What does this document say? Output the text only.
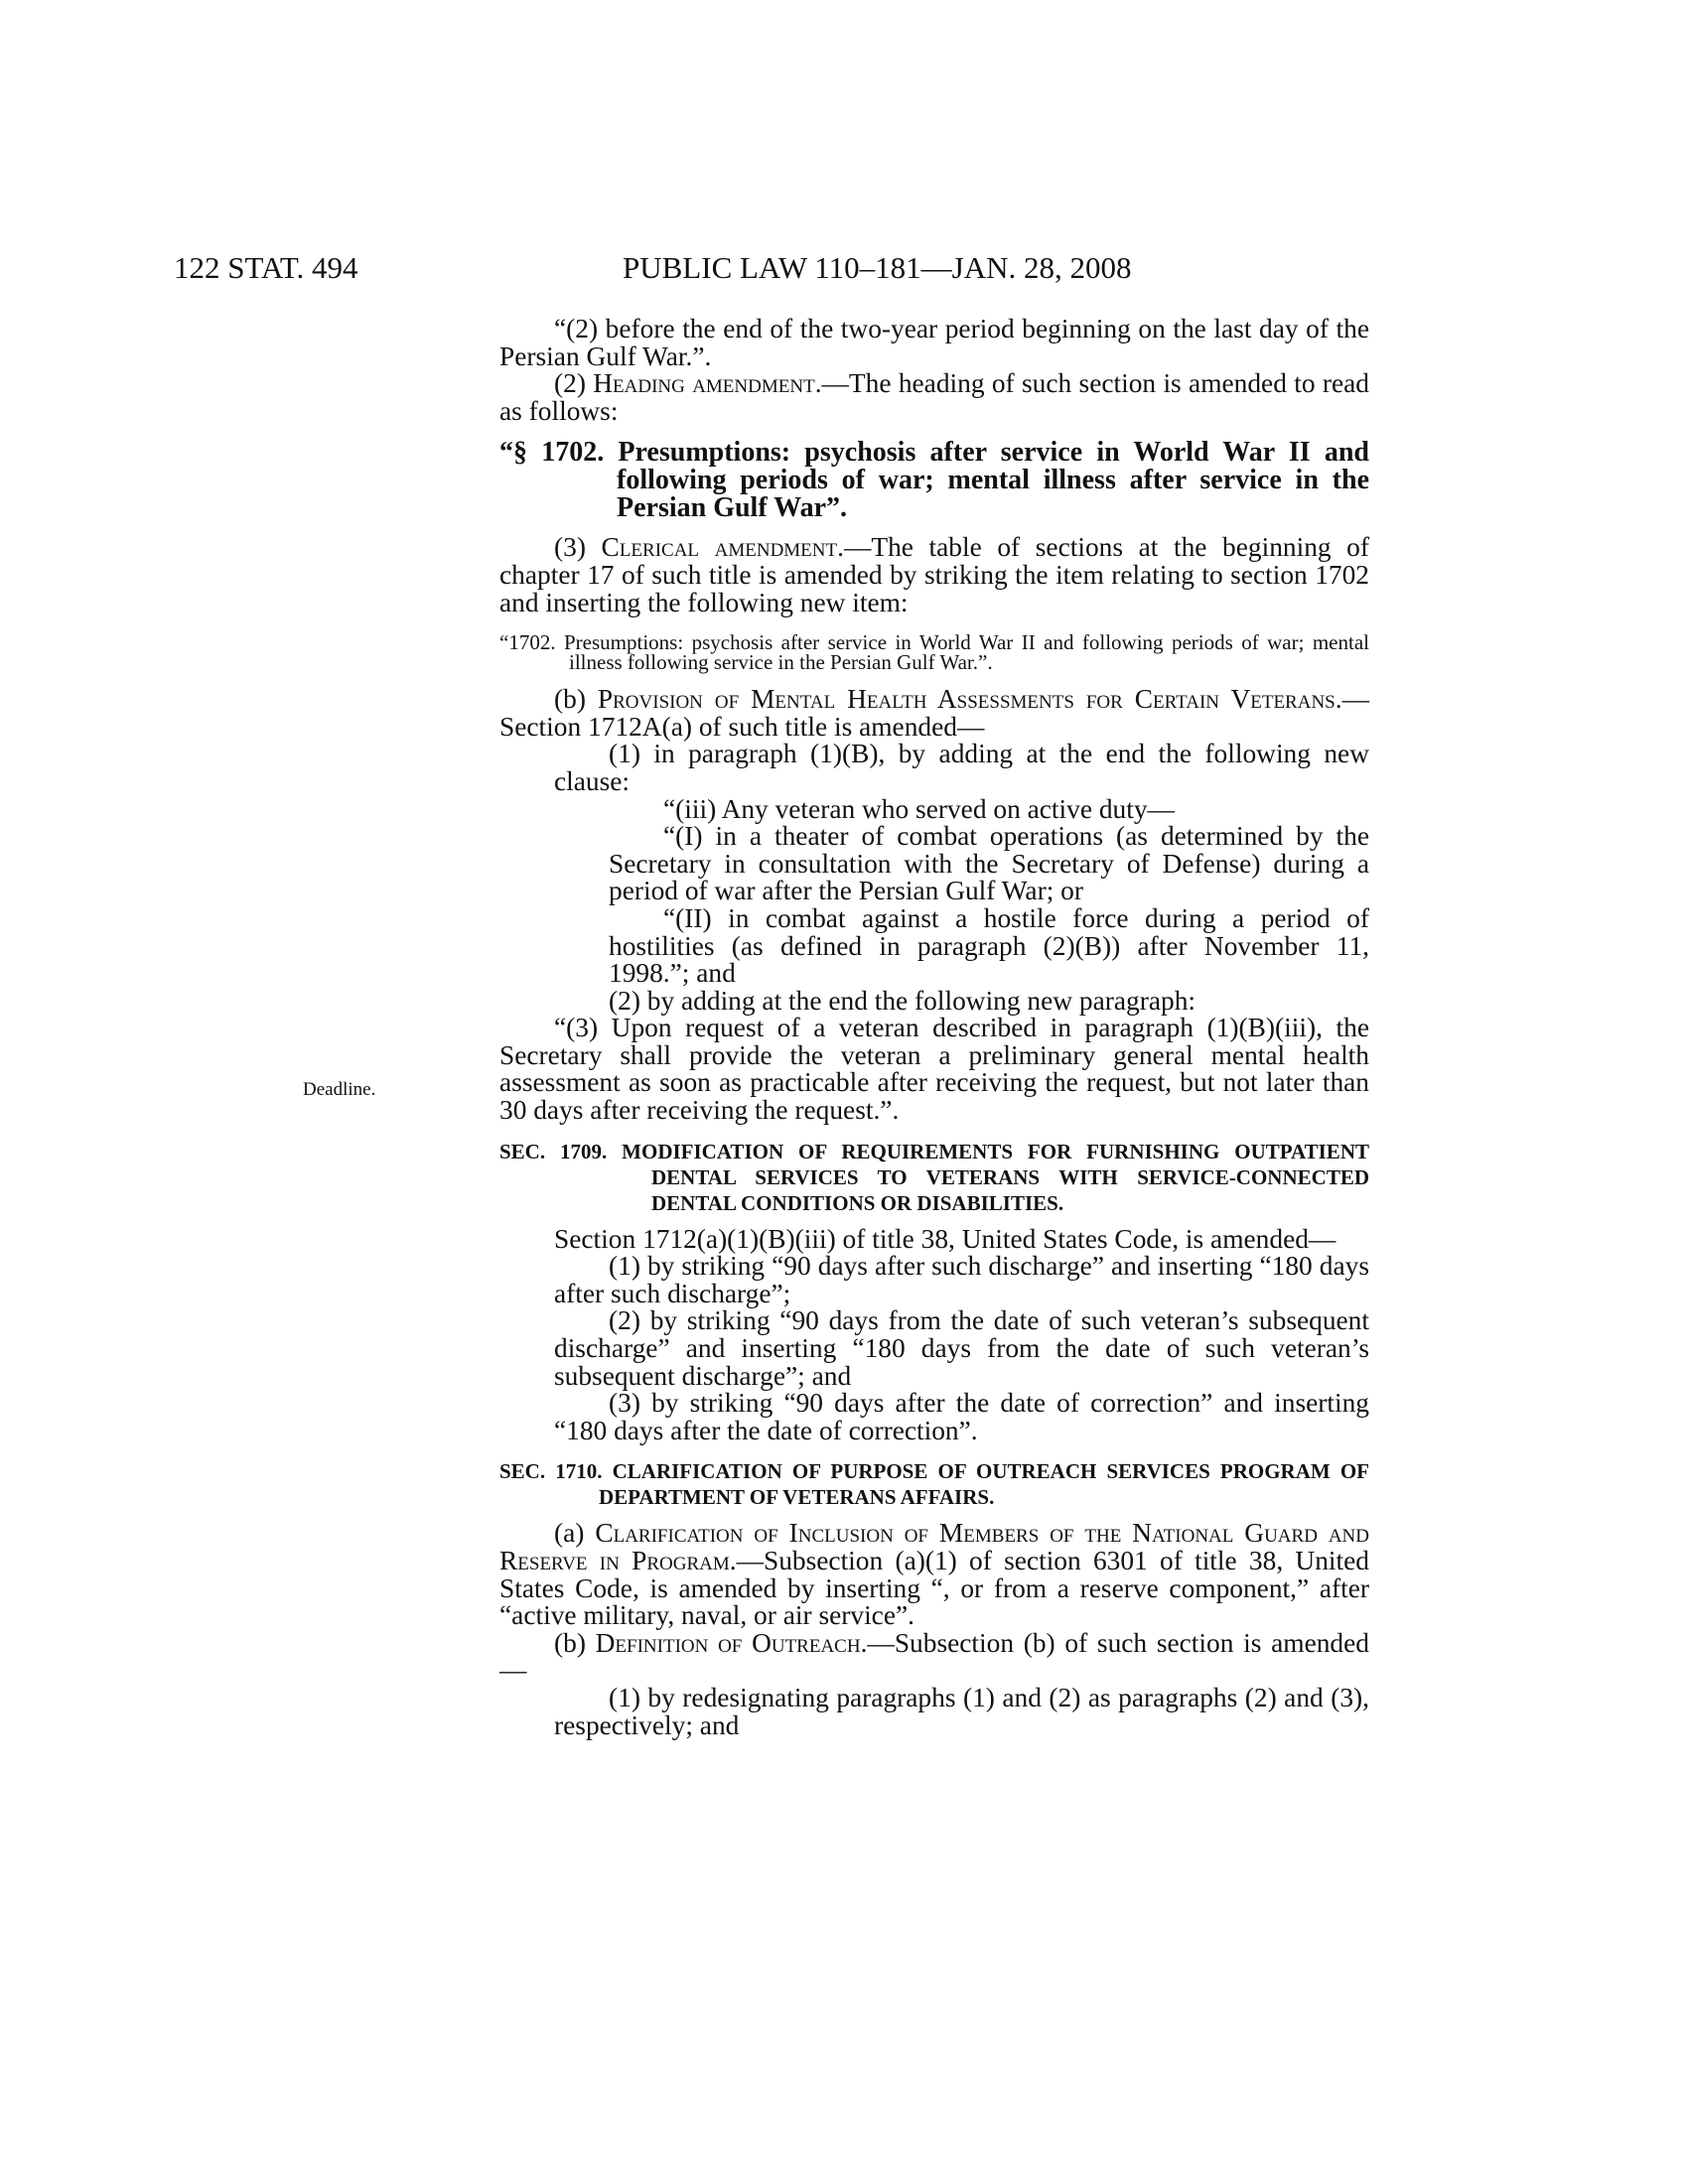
122 STAT. 494	PUBLIC LAW 110–181—JAN. 28, 2008
Deadline.

“(2) before the end of the two-year period beginning on the last day of the Persian Gulf War.”.

(2) Heading amendment.—The heading of such section is amended to read as follows:

“§ 1702. Presumptions: psychosis after service in World War II and following periods of war; mental illness after service in the Persian Gulf War”.

(3) Clerical amendment.—The table of sections at the beginning of chapter 17 of such title is amended by striking the item relating to section 1702 and inserting the following new item:

“1702. Presumptions: psychosis after service in World War II and following periods of war; mental illness following service in the Persian Gulf War.”.

(b) Provision of Mental Health Assessments for Certain Veterans.—Section 1712A(a) of such title is amended—

(1) in paragraph (1)(B), by adding at the end the following new clause:

“(iii) Any veteran who served on active duty—

“(I) in a theater of combat operations (as determined by the Secretary in consultation with the Secretary of Defense) during a period of war after the Persian Gulf War; or

“(II) in combat against a hostile force during a period of hostilities (as defined in paragraph (2)(B)) after November 11, 1998.”; and

(2) by adding at the end the following new paragraph:

“(3) Upon request of a veteran described in paragraph (1)(B)(iii), the Secretary shall provide the veteran a preliminary general mental health assessment as soon as practicable after receiving the request, but not later than 30 days after receiving the request.”.

SEC. 1709. MODIFICATION OF REQUIREMENTS FOR FURNISHING OUTPATIENT DENTAL SERVICES TO VETERANS WITH SERVICE-CONNECTED DENTAL CONDITIONS OR DISABILITIES.

Section 1712(a)(1)(B)(iii) of title 38, United States Code, is amended—

(1) by striking “90 days after such discharge” and inserting “180 days after such discharge”;

(2) by striking “90 days from the date of such veteran’s subsequent discharge” and inserting “180 days from the date of such veteran’s subsequent discharge”; and

(3) by striking “90 days after the date of correction” and inserting “180 days after the date of correction”.

SEC. 1710. CLARIFICATION OF PURPOSE OF OUTREACH SERVICES PROGRAM OF DEPARTMENT OF VETERANS AFFAIRS.

(a) Clarification of Inclusion of Members of the National Guard and Reserve in Program.—Subsection (a)(1) of section 6301 of title 38, United States Code, is amended by inserting “, or from a reserve component,” after “active military, naval, or air service”.

(b) Definition of Outreach.—Subsection (b) of such section is amended—

(1) by redesignating paragraphs (1) and (2) as paragraphs (2) and (3), respectively; and
